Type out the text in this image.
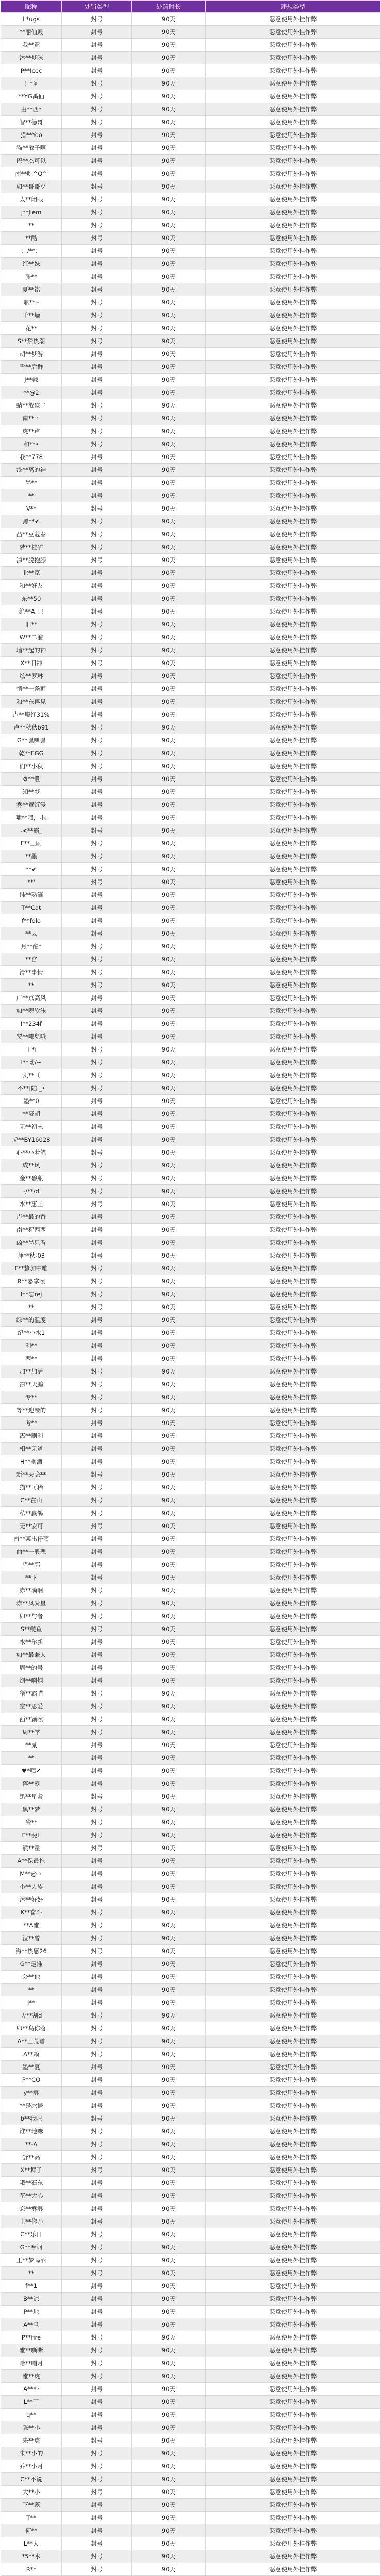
昵称	处罚类型	处罚时长	违规类型
L*ugs	封号	90天	恶意使用外挂作弊
**丽仙殿	封号	90天	恶意使用外挂作弊
我**遗	封号	90天	恶意使用外挂作弊
沐**梦咪	封号	90天	恶意使用外挂作弊
P**Icec	封号	90天	恶意使用外挂作弊
！*￥	封号	90天	恶意使用外挂作弊
**YG禹仙	封号	90天	恶意使用外挂作弊
由**西*	封号	90天	恶意使用外挂作弊
智**德哥	封号	90天	恶意使用外挂作弊
猎**Yoo	封号	90天	恶意使用外挂作弊
猫**散子啊	封号	90天	恶意使用外挂作弊
巴**杰可以	封号	90天	恶意使用外挂作弊
南**吃^O^	封号	90天	恶意使用外挂作弊
如**哥哥ヅ	封号	90天	恶意使用外挂作弊
太**闭眼	封号	90天	恶意使用外挂作弊
j**Jiem	封号	90天	恶意使用外挂作弊
**	封号	90天	恶意使用外挂作弊
**酷	封号	90天	恶意使用外挂作弊
：/**：	封号	90天	恶意使用外挂作弊
红**妹	封号	90天	恶意使用外挂作弊
张**	封号	90天	恶意使用外挂作弊
夏**铭	封号	90天	恶意使用外挂作弊
鼎**·-	封号	90天	恶意使用外挂作弊
千**墙	封号	90天	恶意使用外挂作弊
花**	封号	90天	恶意使用外挂作弊
S**禁热潮	封号	90天	恶意使用外挂作弊
胡**梦游	封号	90天	恶意使用外挂作弊
雪**后群	封号	90天	恶意使用外挂作弊
J**辣	封号	90天	恶意使用外挂作弊
**@2	封号	90天	恶意使用外挂作弊
蜻**放碟了	封号	90天	恶意使用外挂作弊
南**丶	封号	90天	恶意使用外挂作弊
虎**卢	封号	90天	恶意使用外挂作弊
和**•	封号	90天	恶意使用外挂作弊
我**778	封号	90天	恶意使用外挂作弊
浅**离的神	封号	90天	恶意使用外挂作弊
墨**	封号	90天	恶意使用外挂作弊
**	封号	90天	恶意使用外挂作弊
V**	封号	90天	恶意使用外挂作弊
黑**✔	封号	90天	恶意使用外挂作弊
凸**豆蔻春	封号	90天	恶意使用外挂作弊
梦**桂矿	封号	90天	恶意使用外挂作弊
凉**脱抱膝	封号	90天	恶意使用外挂作弊
北**家	封号	90天	恶意使用外挂作弊
和**好友	封号	90天	恶意使用外挂作弊
东**50	封号	90天	恶意使用外挂作弊
绝**A.! !	封号	90天	恶意使用外挂作弊
旧**	封号	90天	恶意使用外挂作弊
W**二溜	封号	90天	恶意使用外挂作弊
墙**起的神	封号	90天	恶意使用外挂作弊
X**旧神	封号	90天	恶意使用外挂作弊
炫**罗琳	封号	90天	恶意使用外挂作弊
情**一条糖	封号	90天	恶意使用外挂作弊
和**东再见	封号	90天	恶意使用外挂作弊
卢**殿红31%	封号	90天	恶意使用外挂作弊
卢**秋秋b91	封号	90天	恶意使用外挂作弊
G**嘿嘿嘿	封号	90天	恶意使用外挂作弊
乾**EGG	封号	90天	恶意使用外挂作弊
们**小秋	封号	90天	恶意使用外挂作弊
⚙**骰	封号	90天	恶意使用外挂作弊
知**梦	封号	90天	恶意使用外挂作弊
雾**童沉浸	封号	90天	恶意使用外挂作弊
嗦**嘿，-lk	封号	90天	恶意使用外挂作弊
-<**霸_	封号	90天	恶意使用外挂作弊
F**三刷	封号	90天	恶意使用外挂作弊
**墨	封号	90天	恶意使用外挂作弊
**✔	封号	90天	恶意使用外挂作弊
**'	封号	90天	恶意使用外挂作弊
谁**熟滴	封号	90天	恶意使用外挂作弊
T**Cat	封号	90天	恶意使用外挂作弊
f**folo	封号	90天	恶意使用外挂作弊
**云	封号	90天	恶意使用外挂作弊
月**酷*	封号	90天	恶意使用外挂作弊
**宫	封号	90天	恶意使用外挂作弊
滑**事情	封号	90天	恶意使用外挂作弊
**	封号	90天	恶意使用外挂作弊
广**京高风	封号	90天	恶意使用外挂作弊
如**嗯软沫	封号	90天	恶意使用外挂作弊
I**234f	封号	90天	恶意使用外挂作弊
贸**哪兒哦	封号	90天	恶意使用外挂作弊
王*i	封号	90天	恶意使用外挂作弊
I**呦/~	封号	90天	恶意使用外挂作弊
凯**（	封号	90天	恶意使用外挂作弊
不**|陆·_•	封号	90天	恶意使用外挂作弊
墨**0	封号	90天	恶意使用外挂作弊
**豪胡	封号	90天	恶意使用外挂作弊
无**初末	封号	90天	恶意使用外挂作弊
虎**BY16028	封号	90天	恶意使用外挂作弊
心**小若笔	封号	90天	恶意使用外挂作弊
成**风	封号	90天	恶意使用外挂作弊
金**碧瓶	封号	90天	恶意使用外挂作弊
-/**/d	封号	90天	恶意使用外挂作弊
水**惠工	封号	90天	恶意使用外挂作弊
卢**最的香	封号	90天	恶意使用外挂作弊
南**猩西西	封号	90天	恶意使用外挂作弊
凶**墨只看	封号	90天	恶意使用外挂作弊
拜**秋-03	封号	90天	恶意使用外挂作弊
F**蛰加中雕	封号	90天	恶意使用外挂作弊
R**嘉掌嗦	封号	90天	恶意使用外挂作弊
f**忘rej	封号	90天	恶意使用外挂作弊
**	封号	90天	恶意使用外挂作弊
绿**的温度	封号	90天	恶意使用外挂作弊
纪**小水1	封号	90天	恶意使用外挂作弊
利**	封号	90天	恶意使用外挂作弊
西**	封号	90天	恶意使用外挂作弊
加**加活	封号	90天	恶意使用外挂作弊
凉**天鹏	封号	90天	恶意使用外挂作弊
专**	封号	90天	恶意使用外挂作弊
等**迎亲的	封号	90天	恶意使用外挂作弊
考**	封号	90天	恶意使用外挂作弊
离**刷利	封号	90天	恶意使用外挂作弊
相**无道	封号	90天	恶意使用外挂作弊
H**幽酒	封号	90天	恶意使用外挂作弊
新**天隐**	封号	90天	恶意使用外挂作弊
猫**可稀	封号	90天	恶意使用外挂作弊
C**在山	封号	90天	恶意使用外挂作弊
私**赢鸽	封号	90天	恶意使用外挂作弊
无**安可	封号	90天	恶意使用外挂作弊
南**某出仔荡	封号	90天	恶意使用外挂作弊
曲**一般悲	封号	90天	恶意使用外挂作弊
猎**郭	封号	90天	恶意使用外挂作弊
**下	封号	90天	恶意使用外挂作弊
赤**淌啊	封号	90天	恶意使用外挂作弊
赤**凤骑星	封号	90天	恶意使用外挂作弊
卯**与者	封号	90天	恶意使用外挂作弊
S**鲢鱼	封号	90天	恶意使用外挂作弊
水**尔新	封号	90天	恶意使用外挂作弊
如**最兼人	封号	90天	恶意使用外挂作弊
周**的号	封号	90天	恶意使用外挂作弊
烟**啊烟	封号	90天	恶意使用外挂作弊
猪**霸喵	封号	90天	恶意使用外挂作弊
空**恩爱	封号	90天	恶意使用外挂作弊
西**颖嗦	封号	90天	恶意使用外挂作弊
周**学	封号	90天	恶意使用外挂作弊
**贰	封号	90天	恶意使用外挂作弊
**	封号	90天	恶意使用外挂作弊
♥*嘿✔	封号	90天	恶意使用外挂作弊
落**露	封号	90天	恶意使用外挂作弊
黑**星紧	封号	90天	恶意使用外挂作弊
黑**梦	封号	90天	恶意使用外挂作弊
冷**	封号	90天	恶意使用外挂作弊
F**斐L	封号	90天	恶意使用外挂作弊
熊**霍	封号	90天	恶意使用外挂作弊
A**保最拖	封号	90天	恶意使用外挂作弊
M**@丶	封号	90天	恶意使用外挂作弊
小**人族	封号	90天	恶意使用外挂作弊
沐**好好	封号	90天	恶意使用外挂作弊
K**奋斗	封号	90天	恶意使用外挂作弊
**A雅	封号	90天	恶意使用外挂作弊
泣**曾	封号	90天	恶意使用外挂作弊
海**热感26	封号	90天	恶意使用外挂作弊
G**是谁	封号	90天	恶意使用外挂作弊
公**他	封号	90天	恶意使用外挂作弊
**	封号	90天	恶意使用外挂作弊
i**	封号	90天	恶意使用外挂作弊
天**割d	封号	90天	恶意使用外挂作弊
卯**鸟你落	封号	90天	恶意使用外挂作弊
A**三荒谱	封号	90天	恶意使用外挂作弊
A**赖	封号	90天	恶意使用外挂作弊
墨**夏	封号	90天	恶意使用外挂作弊
P**CO	封号	90天	恶意使用外挂作弊
y**雾	封号	90天	恶意使用外挂作弊
**是冰谦	封号	90天	恶意使用外挂作弊
b**我吧	封号	90天	恶意使用外挂作弊
谁**地嘛	封号	90天	恶意使用外挂作弊
**-A	封号	90天	恶意使用外挂作弊
舒**高	封号	90天	恶意使用外挂作弊
X**舞子	封号	90天	恶意使用外挂作弊
哦**石东	封号	90天	恶意使用外挂作弊
花**大心	封号	90天	恶意使用外挂作弊
恋**雾雾	封号	90天	恶意使用外挂作弊
上**你乃	封号	90天	恶意使用外挂作弊
C**乐日	封号	90天	恶意使用外挂作弊
G**摩诃	封号	90天	恶意使用外挂作弊
王**梦鸣酒	封号	90天	恶意使用外挂作弊
**	封号	90天	恶意使用外挂作弊
f**1	封号	90天	恶意使用外挂作弊
B**凉	封号	90天	恶意使用外挂作弊
P**地	封号	90天	恶意使用外挂作弊
A**旦	封号	90天	恶意使用外挂作弊
P**fire	封号	90天	恶意使用外挂作弊
雅**嘶嘶	封号	90天	恶意使用外挂作弊
哈**唱月	封号	90天	恶意使用外挂作弊
雅**虎	封号	90天	恶意使用外挂作弊
A**朴	封号	90天	恶意使用外挂作弊
L**丁	封号	90天	恶意使用外挂作弊
q**	封号	90天	恶意使用外挂作弊
陈**小	封号	90天	恶意使用外挂作弊
朱**虎	封号	90天	恶意使用外挂作弊
朱**小的	封号	90天	恶意使用外挂作弊
乔**小月	封号	90天	恶意使用外挂作弊
C**不说	封号	90天	恶意使用外挂作弊
大**小	封号	90天	恶意使用外挂作弊
下**蕊	封号	90天	恶意使用外挂作弊
T**	封号	90天	恶意使用外挂作弊
何**	封号	90天	恶意使用外挂作弊
L**人	封号	90天	恶意使用外挂作弊
*5**水	封号	90天	恶意使用外挂作弊
R**	封号	90天	恶意使用外挂作弊
